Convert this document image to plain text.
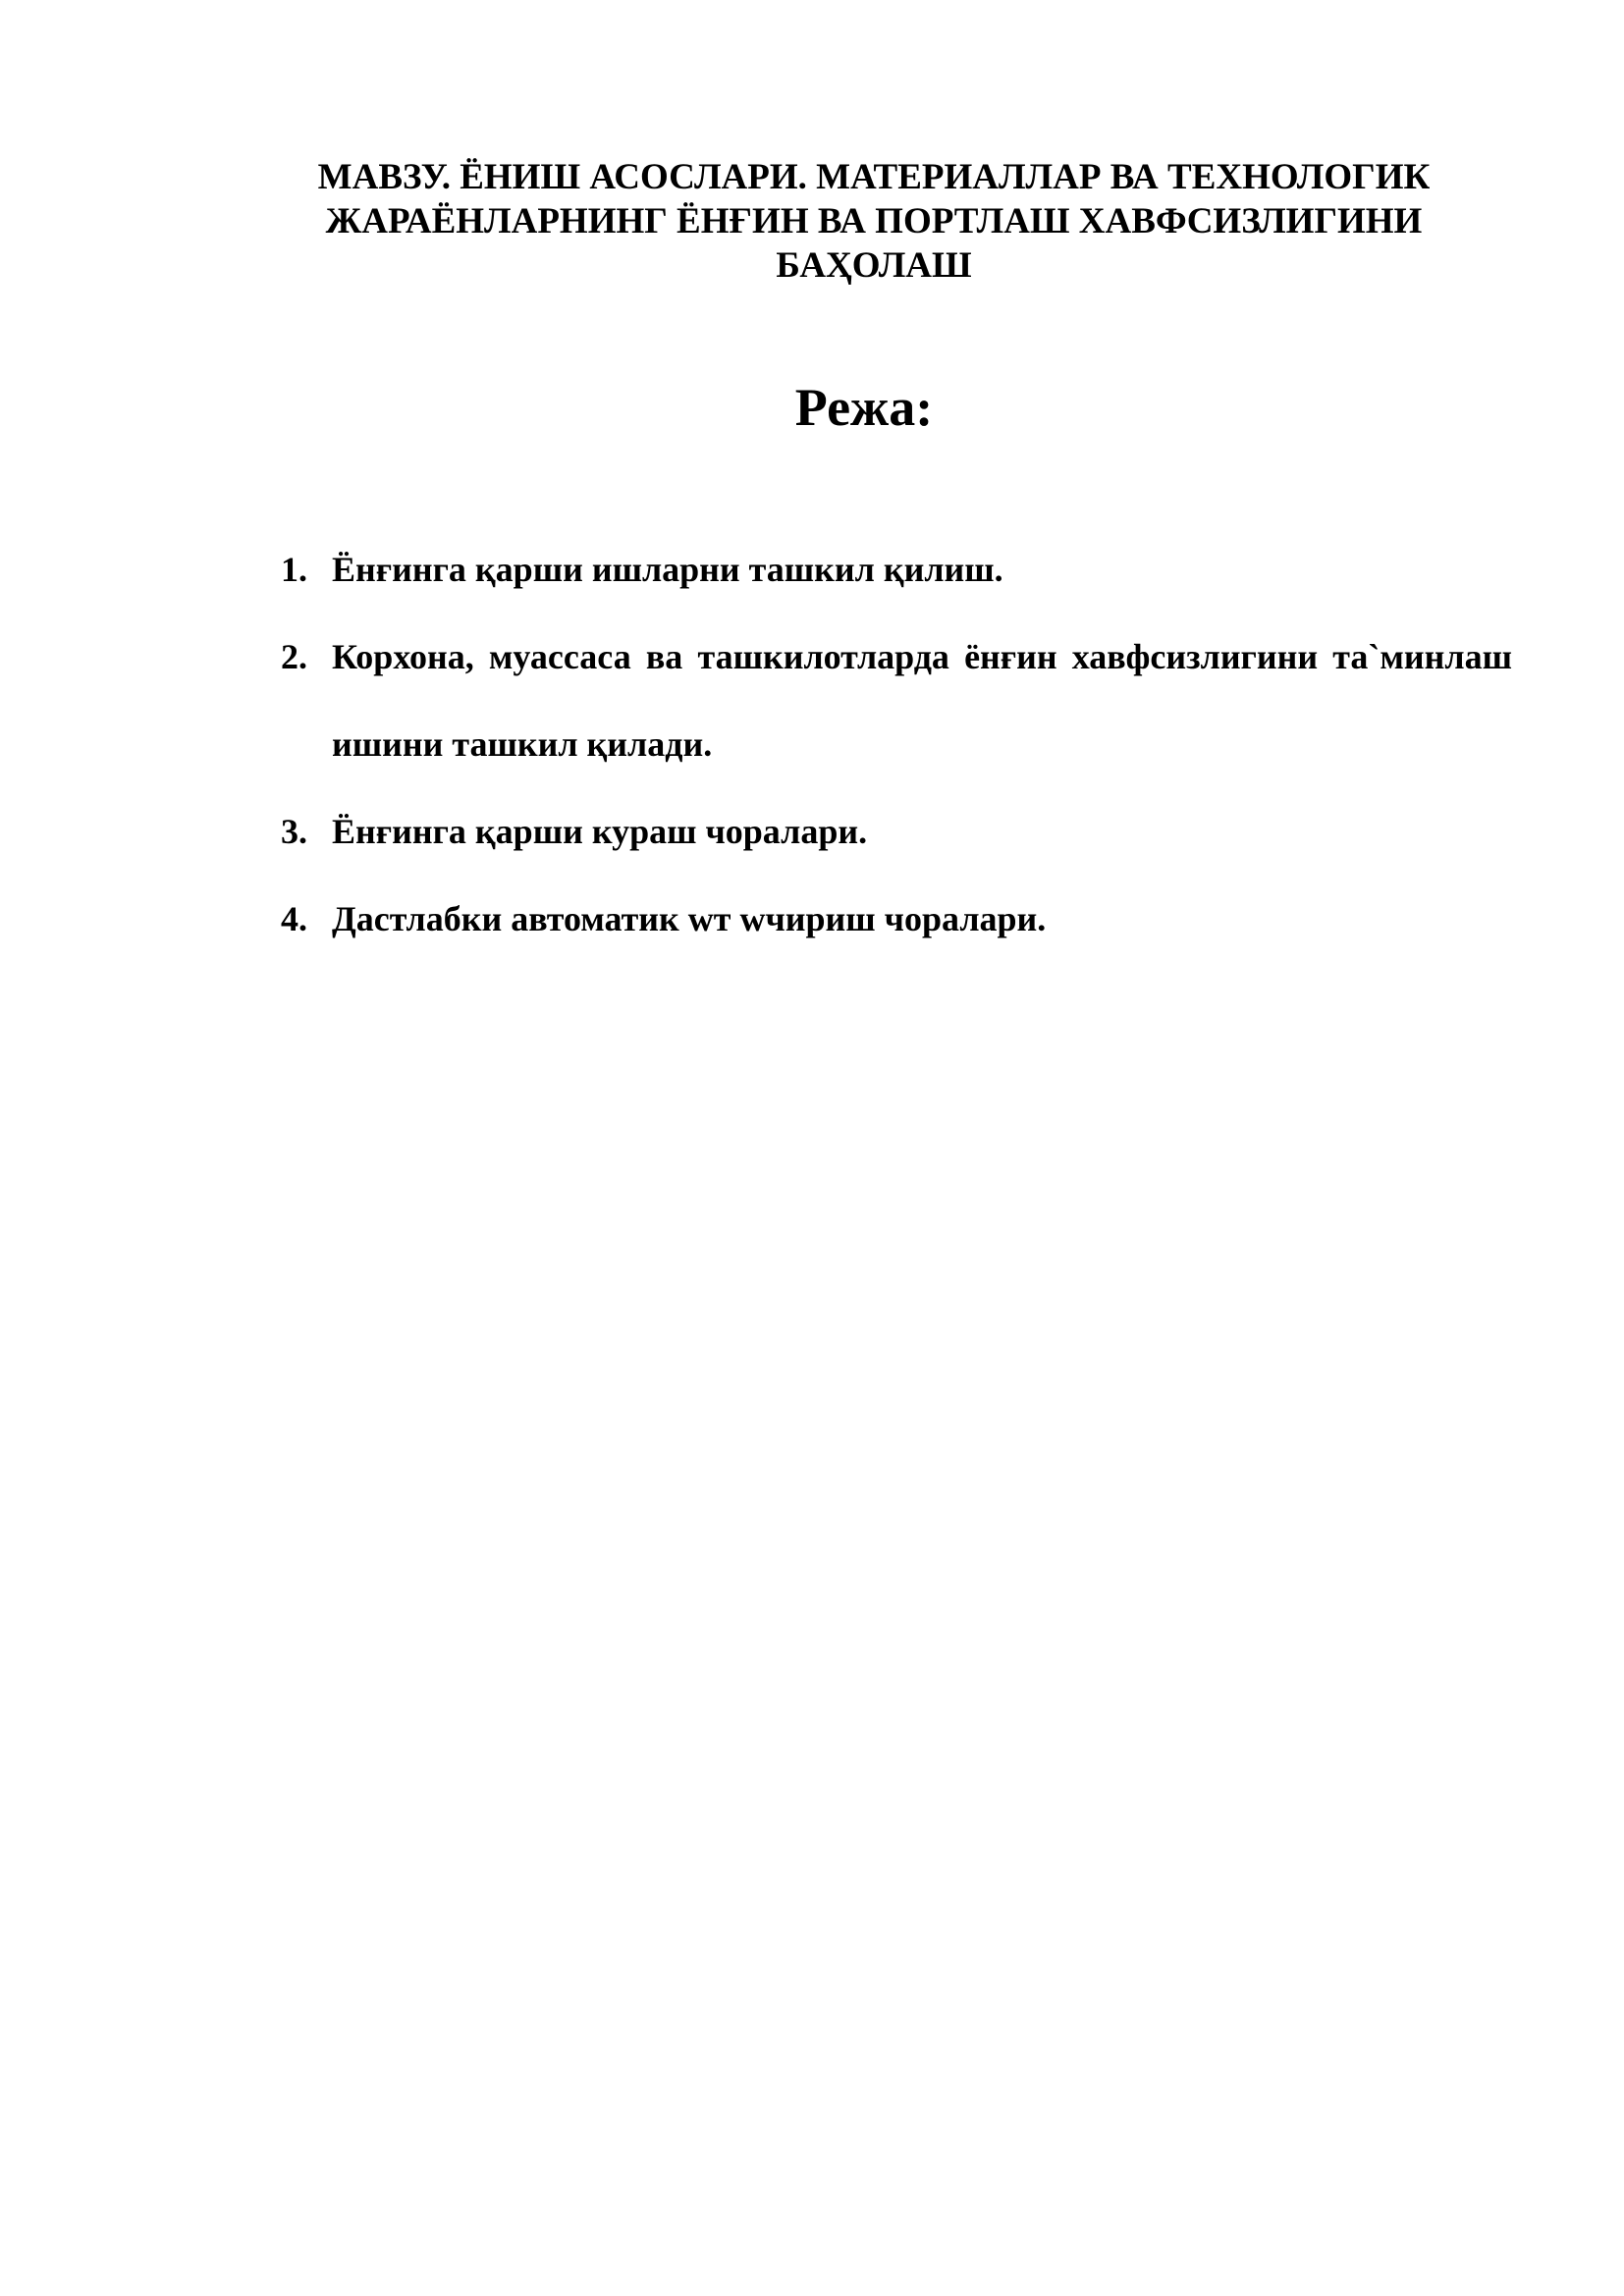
МАВЗУ. ЁНИШ АСОСЛАРИ. МАТЕРИАЛЛАР ВА ТЕХНОЛОГИК
ЖАРАЁНЛАРНИНГ ЁНҒИН ВА ПОРТЛАШ ХАВФСИЗЛИГИНИ
БАҲОЛАШ
Режа:
1. Ёнғинга қарши ишларни ташкил қилиш.
2. Корхона, муассаса ва ташкилотларда ёнғин хавфсизлигини та`минлаш ишини ташкил қилади.
3. Ёнғинга қарши кураш чоралари.
4. Дастлабки автоматик wт wчириш чоралари.
